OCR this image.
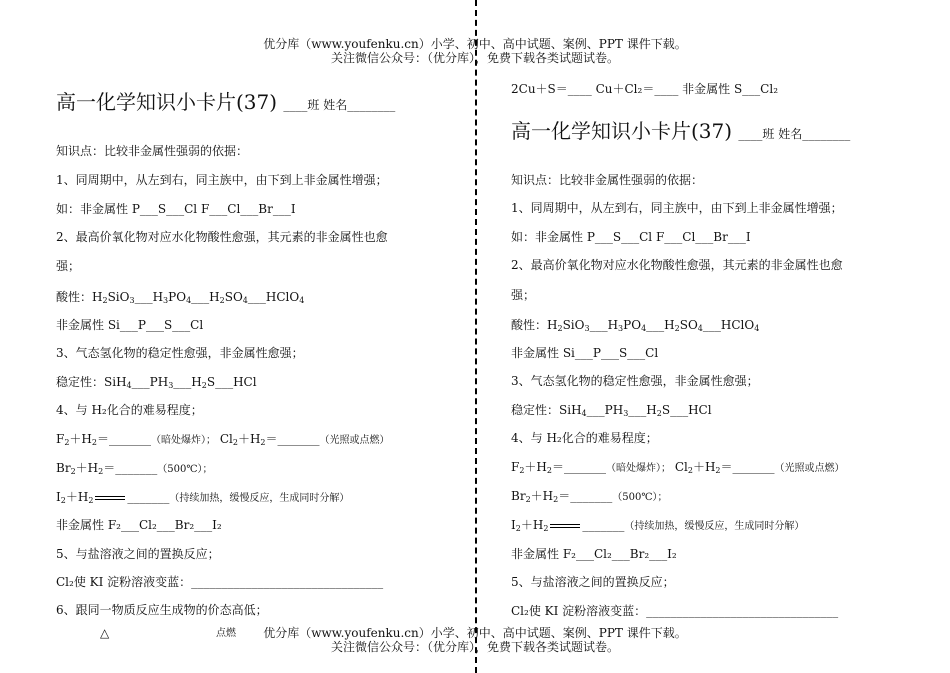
优分库（www.youfenku.cn）小学、初中、高中试题、案例、PPT 课件下载。
关注微信公众号：（优分库），免费下载各类试题试卷。
优分库（www.youfenku.cn）小学、初中、高中试题、案例、PPT 课件下载。
关注微信公众号：（优分库），免费下载各类试题试卷。
△	点燃
高一化学知识小卡片(37) ____班 姓名________
知识点：比较非金属性强弱的依据：
1、同周期中，从左到右，同主族中，由下到上非金属性增强；
如：非金属性 P___S___Cl F___Cl___Br___I
2、最高价氧化物对应水化物酸性愈强，其元素的非金属性也愈
强；
酸性：$H_2SiO_3\_\_\_H_3PO_4\_\_\_H_2SO_4\_\_\_HClO_4$
非金属性 Si___P___S___Cl
3、气态氢化物的稳定性愈强，非金属性愈强；
稳定性：$SiH_4\_\_\_PH_3\_\_\_H_2S\_\_\_HCl$
4、与 H₂化合的难易程度；
$F_2+H_2=\_\_\_\_\_\_\_$（暗处爆炸）； $Cl_2+H_2=\_\_\_\_\_\_\_$（光照或点燃）
$Br_2+H_2=\_\_\_\_\_\_\_(500℃)$；
$I_2+H_2$	_______（持续加热，缓慢反应，生成同时分解）
非金属性 F₂___Cl₂___Br₂___I₂
5、与盐溶液之间的置换反应；
Cl₂使 KI 淀粉溶液变蓝：________________________________
6、跟同一物质反应生成物的价态高低；
2Cu＋S＝____ Cu＋Cl₂＝____ 非金属性 S___Cl₂
高一化学知识小卡片(37) ____班 姓名________
知识点：比较非金属性强弱的依据：
1、同周期中，从左到右，同主族中，由下到上非金属性增强；
如：非金属性 P___S___Cl F___Cl___Br___I
2、最高价氧化物对应水化物酸性愈强，其元素的非金属性也愈
强；
酸性：$H_2SiO_3\_\_\_H_3PO_4\_\_\_H_2SO_4\_\_\_HClO_4$
非金属性 Si___P___S___Cl
3、气态氢化物的稳定性愈强，非金属性愈强；
稳定性：$SiH_4\_\_\_PH_3\_\_\_H_2S\_\_\_HCl$
4、与 H₂化合的难易程度；
$F_2+H_2=\_\_\_\_\_\_\_$（暗处爆炸）； $Cl_2+H_2=\_\_\_\_\_\_\_$（光照或点燃）
$Br_2+H_2=\_\_\_\_\_\_\_(500℃)$；
$I_2+H_2$	_______（持续加热，缓慢反应，生成同时分解）
非金属性 F₂___Cl₂___Br₂___I₂
5、与盐溶液之间的置换反应；
Cl₂使 KI 淀粉溶液变蓝：________________________________
